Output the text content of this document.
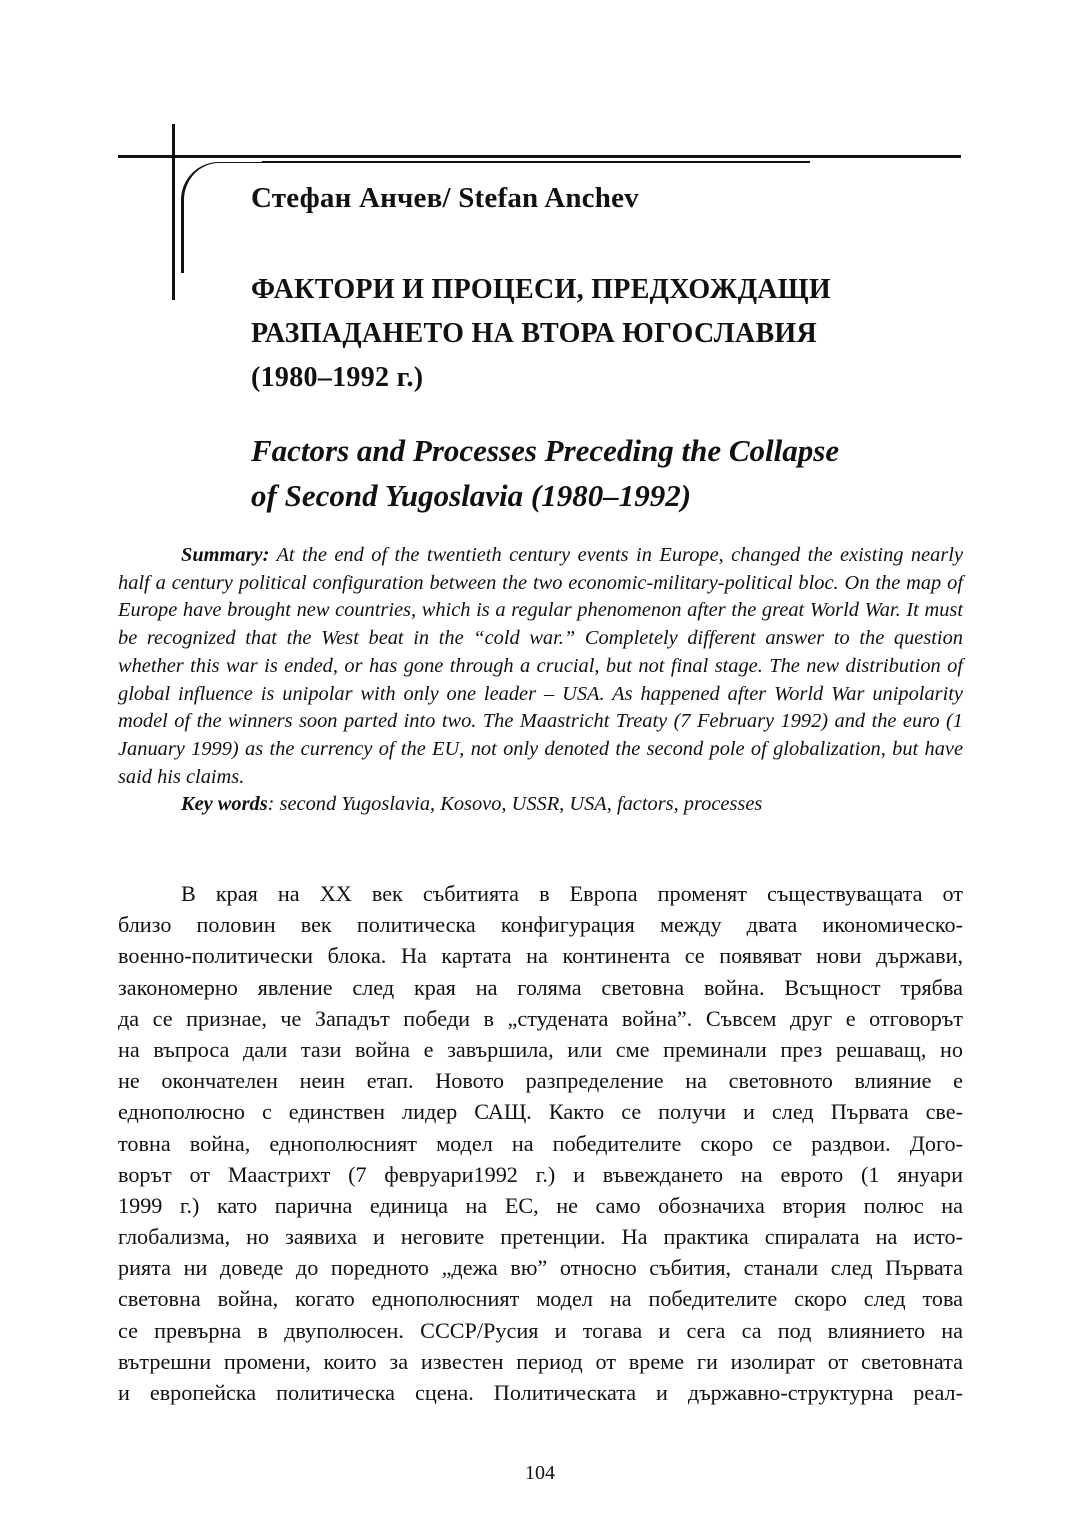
Стефан Анчев/ Stefan Anchev
ФАКТОРИ И ПРОЦЕСИ, ПРЕДХОЖДАЩИ
РАЗПАДАНЕТО НА ВТОРА ЮГОСЛАВИЯ
(1980–1992 г.)
Factors and Processes Preceding the Collapse
of Second Yugoslavia (1980–1992)

Summary: At the end of the twentieth century events in Europe, changed the existing nearly half a century political configuration between the two economic-military-political bloc. On the map of Europe have brought new countries, which is a regular phenomenon after the great World War. It must be recognized that the West beat in the “cold war.” Completely different answer to the question whether this war is ended, or has gone through a crucial, but not final stage. The new distribution of global influence is unipolar with only one leader – USA. As happened after World War unipolarity model of the winners soon parted into two. The Maastricht Treaty (7 February 1992) and the euro (1 January 1999) as the currency of the EU, not only denoted the second pole of globalization, but have said his claims.

Key words: second Yugoslavia, Kosovo, USSR, USA, factors, processes

В края на XX век събитията в Европа променят съществуващата от
близо половин век политическа конфигурация между двата икономическо-
военно-политически блока. На картата на континента се появяват нови държави,
закономерно явление след края на голяма световна война. Всъщност трябва
да се признае, че Западът победи в „студената война”. Съвсем друг е отговорът
на въпроса дали тази война е завършила, или сме преминали през решаващ, но
не окончателен неин етап. Новото разпределение на световното влияние е
еднополюсно с единствен лидер САЩ. Както се получи и след Първата све-
товна война, еднополюсният модел на победителите скоро се раздвои. Дого-
ворът от Маастрихт (7 февруари1992 г.) и въвеждането на еврото (1 януари
1999 г.) като парична единица на ЕС, не само обозначиха втория полюс на
глобализма, но заявиха и неговите претенции. На практика спиралата на исто-
рията ни доведе до поредното „дежа вю” относно събития, станали след Първата
световна война, когато еднополюсният модел на победителите скоро след това
се превърна в двуполюсен. СССР/Русия и тогава и сега са под влиянието на
вътрешни промени, които за известен период от време ги изолират от световната
и европейска политическа сцена. Политическата и държавно-структурна реал-
104
